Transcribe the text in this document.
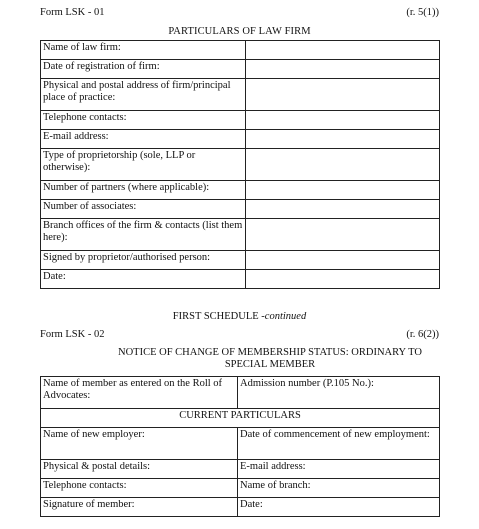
Form LSK - 01	(r. 5(1))
PARTICULARS OF LAW FIRM
Name of law firm:	
Date of registration of firm:	
Physical and postal address of firm/principal place of practice:	
Telephone contacts:	
E-mail address:	
Type of proprietorship (sole, LLP or otherwise):	
Number of partners (where applicable):	
Number of associates:	
Branch offices of the firm & contacts (list them here):	
Signed by proprietor/authorised person:	
Date:	
FIRST SCHEDULE -continued
Form LSK - 02	(r. 6(2))
NOTICE OF CHANGE OF MEMBERSHIP STATUS: ORDINARY TO SPECIAL MEMBER
Name of member as entered on the Roll of Advocates:	Admission number (P.105 No.):
CURRENT PARTICULARS	
Name of new employer:	Date of commencement of new employment:
Physical & postal details:	E-mail address:
Telephone contacts:	Name of branch:
Signature of member:	Date:
